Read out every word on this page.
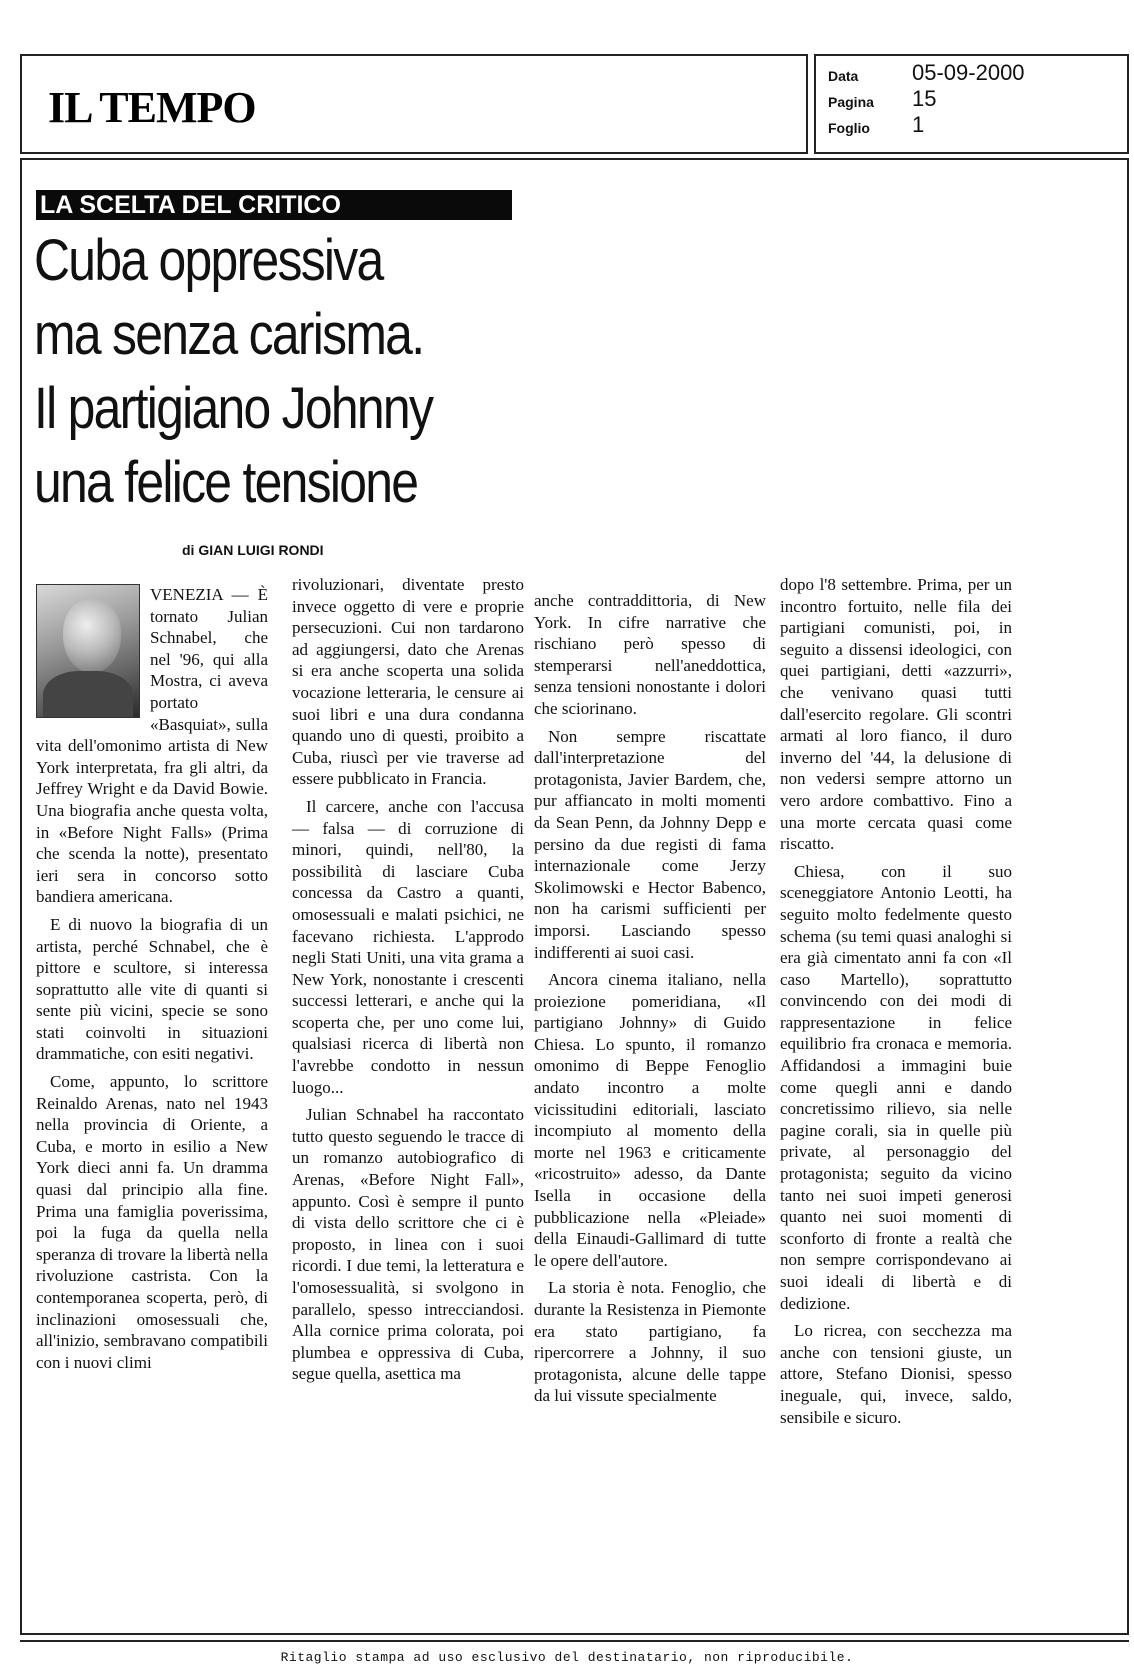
IL TEMPO
Data 05-09-2000
Pagina 15
Foglio 1
LA SCELTA DEL CRITICO
Cuba oppressiva
ma senza carisma.
Il partigiano Johnny
una felice tensione
di GIAN LUIGI RONDI

VENEZIA — È tornato Julian Schnabel, che nel '96, qui alla Mostra, ci aveva portato «Basquiat», sulla vita dell'omonimo artista di New York interpretata, fra gli altri, da Jeffrey Wright e da David Bowie. Una biografia anche questa volta, in «Before Night Falls» (Prima che scenda la notte), presentato ieri sera in concorso sotto bandiera americana.

E di nuovo la biografia di un artista, perché Schnabel, che è pittore e scultore, si interessa soprattutto alle vite di quanti si sente più vicini, specie se sono stati coinvolti in situazioni drammatiche, con esiti negativi.

Come, appunto, lo scrittore Reinaldo Arenas, nato nel 1943 nella provincia di Oriente, a Cuba, e morto in esilio a New York dieci anni fa. Un dramma quasi dal principio alla fine. Prima una famiglia poverissima, poi la fuga da quella nella speranza di trovare la libertà nella rivoluzione castrista. Con la contemporanea scoperta, però, di inclinazioni omosessuali che, all'inizio, sembravano compatibili con i nuovi climi

rivoluzionari, diventate presto invece oggetto di vere e proprie persecuzioni. Cui non tardarono ad aggiungersi, dato che Arenas si era anche scoperta una solida vocazione letteraria, le censure ai suoi libri e una dura condanna quando uno di questi, proibito a Cuba, riuscì per vie traverse ad essere pubblicato in Francia.

Il carcere, anche con l'accusa — falsa — di corruzione di minori, quindi, nell'80, la possibilità di lasciare Cuba concessa da Castro a quanti, omosessuali e malati psichici, ne facevano richiesta. L'approdo negli Stati Uniti, una vita grama a New York, nonostante i crescenti successi letterari, e anche qui la scoperta che, per uno come lui, qualsiasi ricerca di libertà non l'avrebbe condotto in nessun luogo...

Julian Schnabel ha raccontato tutto questo seguendo le tracce di un romanzo autobiografico di Arenas, «Before Night Fall», appunto. Così è sempre il punto di vista dello scrittore che ci è proposto, in linea con i suoi ricordi. I due temi, la letteratura e l'omosessualità, si svolgono in parallelo, spesso intrecciandosi. Alla cornice prima colorata, poi plumbea e oppressiva di Cuba, segue quella, asettica ma

anche contraddittoria, di New York. In cifre narrative che rischiano però spesso di stemperarsi nell'aneddottica, senza tensioni nonostante i dolori che sciorinano.

Non sempre riscattate dall'interpretazione del protagonista, Javier Bardem, che, pur affiancato in molti momenti da Sean Penn, da Johnny Depp e persino da due registi di fama internazionale come Jerzy Skolimowski e Hector Babenco, non ha carismi sufficienti per imporsi. Lasciando spesso indifferenti ai suoi casi.

Ancora cinema italiano, nella proiezione pomeridiana, «Il partigiano Johnny» di Guido Chiesa. Lo spunto, il romanzo omonimo di Beppe Fenoglio andato incontro a molte vicissitudini editoriali, lasciato incompiuto al momento della morte nel 1963 e criticamente «ricostruito» adesso, da Dante Isella in occasione della pubblicazione nella «Pleiade» della Einaudi-Gallimard di tutte le opere dell'autore.

La storia è nota. Fenoglio, che durante la Resistenza in Piemonte era stato partigiano, fa ripercorrere a Johnny, il suo protagonista, alcune delle tappe da lui vissute specialmente

dopo l'8 settembre. Prima, per un incontro fortuito, nelle fila dei partigiani comunisti, poi, in seguito a dissensi ideologici, con quei partigiani, detti «azzurri», che venivano quasi tutti dall'esercito regolare. Gli scontri armati al loro fianco, il duro inverno del '44, la delusione di non vedersi sempre attorno un vero ardore combattivo. Fino a una morte cercata quasi come riscatto.

Chiesa, con il suo sceneggiatore Antonio Leotti, ha seguito molto fedelmente questo schema (su temi quasi analoghi si era già cimentato anni fa con «Il caso Martello), soprattutto convincendo con dei modi di rappresentazione in felice equilibrio fra cronaca e memoria. Affidandosi a immagini buie come quegli anni e dando concretissimo rilievo, sia nelle pagine corali, sia in quelle più private, al personaggio del protagonista; seguito da vicino tanto nei suoi impeti generosi quanto nei suoi momenti di sconforto di fronte a realtà che non sempre corrispondevano ai suoi ideali di libertà e di dedizione.

Lo ricrea, con secchezza ma anche con tensioni giuste, un attore, Stefano Dionisi, spesso ineguale, qui, invece, saldo, sensibile e sicuro.

Ritaglio stampa ad uso esclusivo del destinatario, non riproducibile.
